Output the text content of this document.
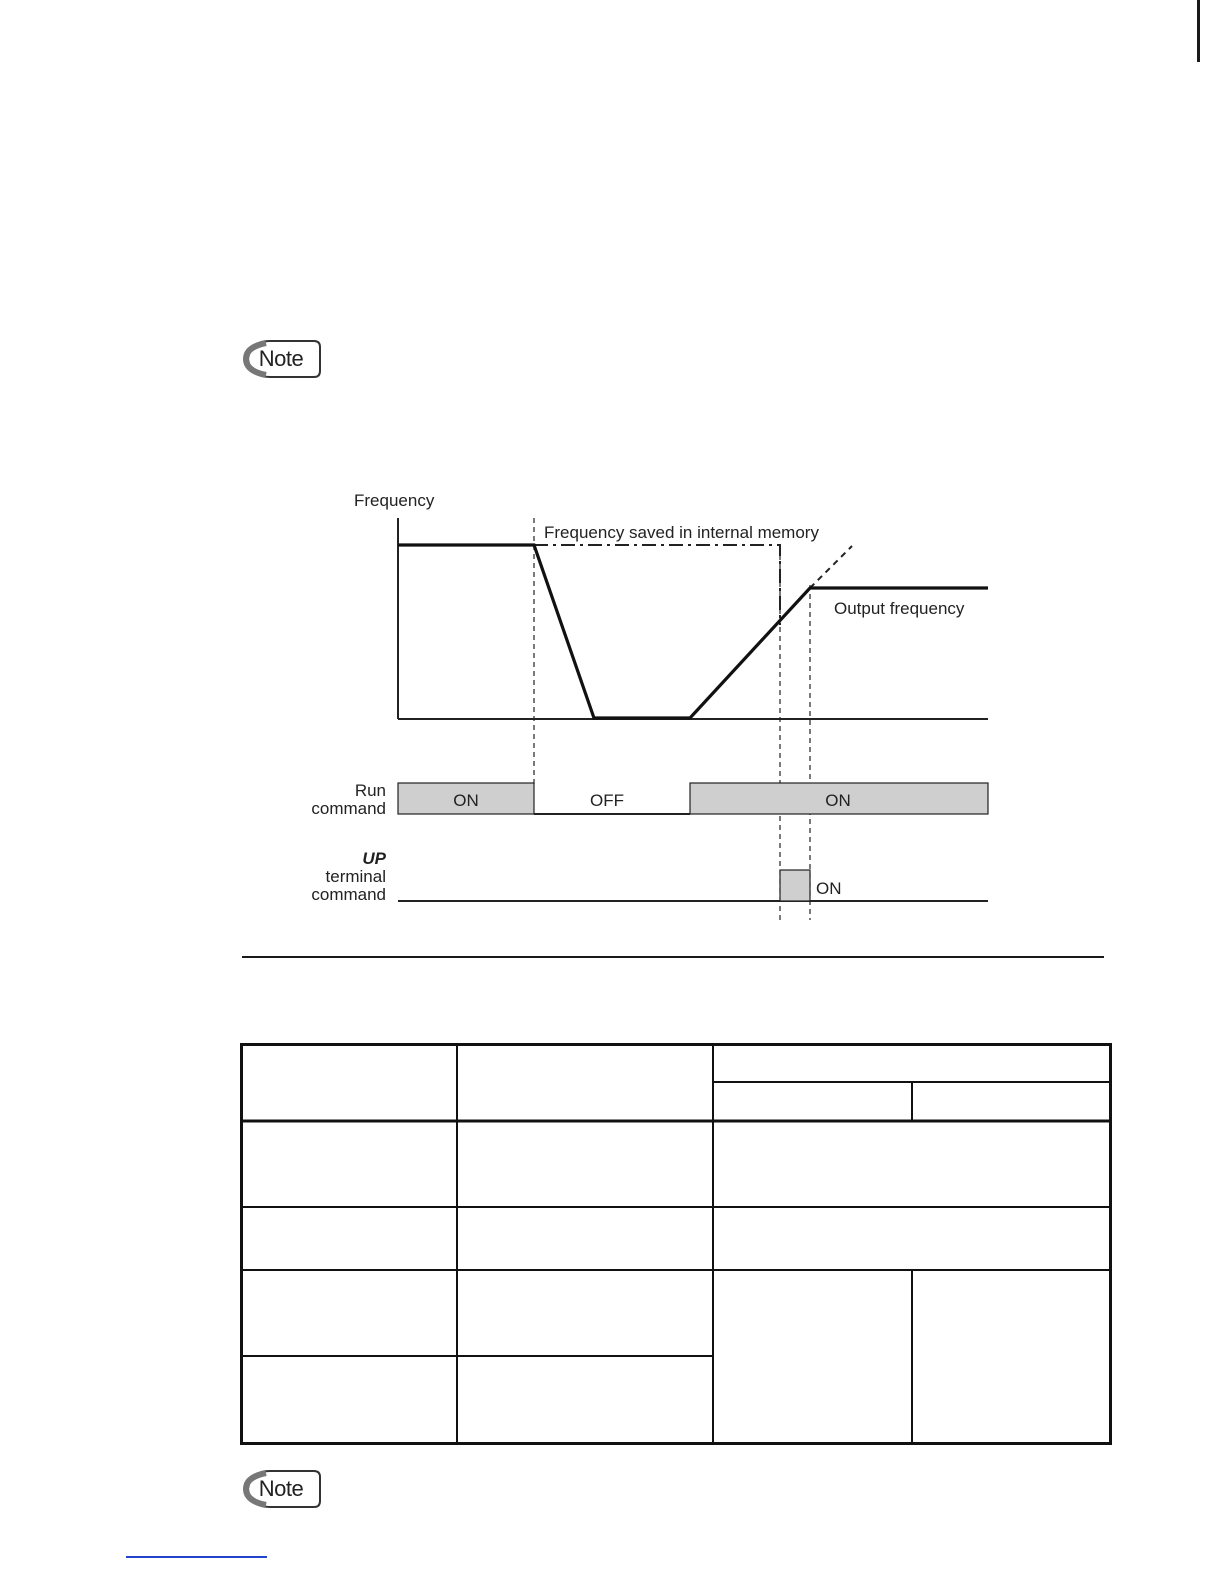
Note
Frequency
Frequency saved in internal memory
Output frequency
Run
command	ON	OFF	ON
UP
terminal
command	ON
Note
